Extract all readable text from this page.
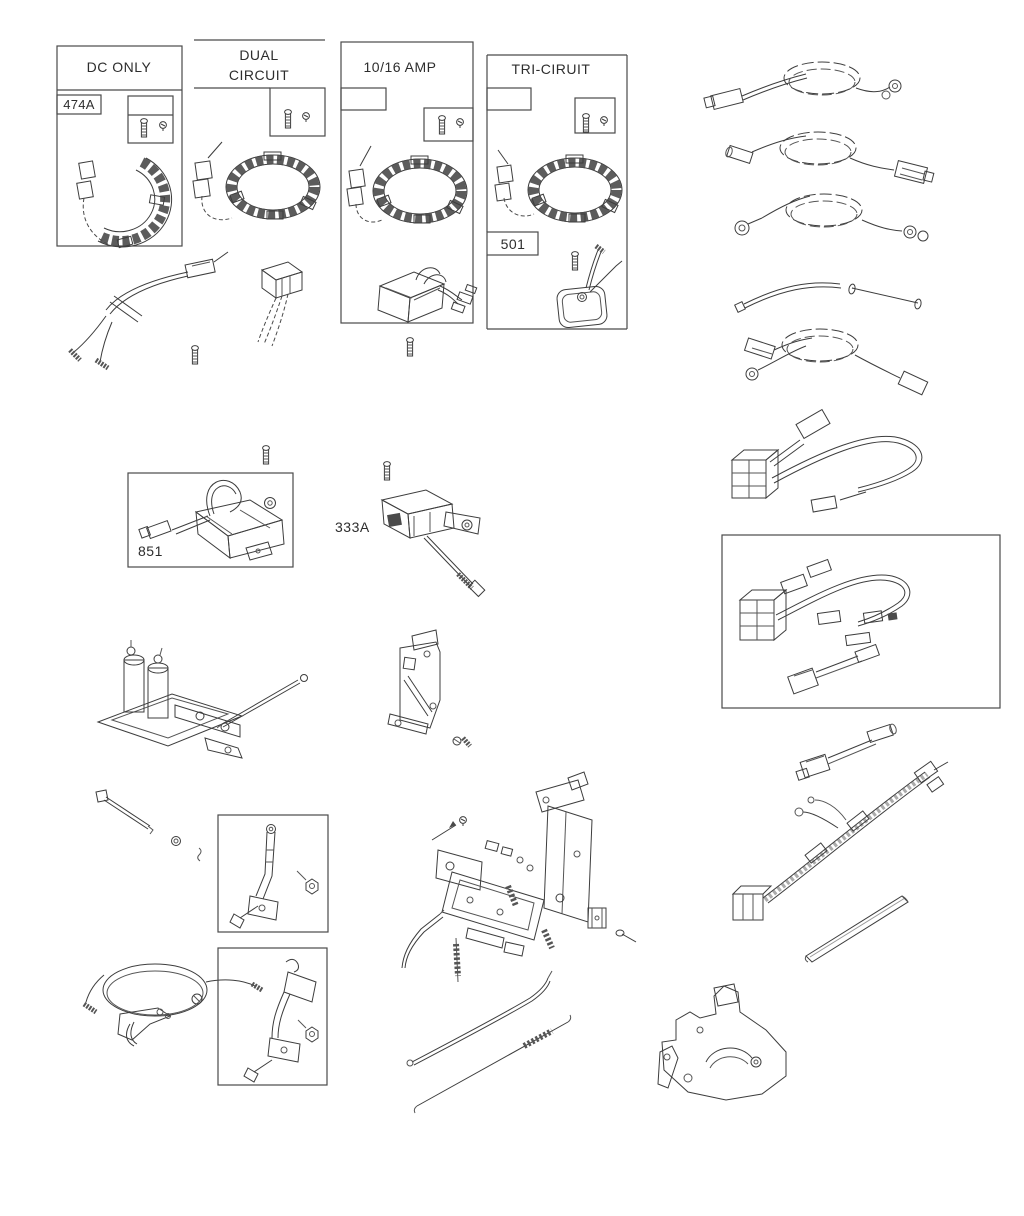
DC ONLY
474A
DUAL
CIRCUIT	10/16 AMP	TRI-CIRUIT
501
851
333A
